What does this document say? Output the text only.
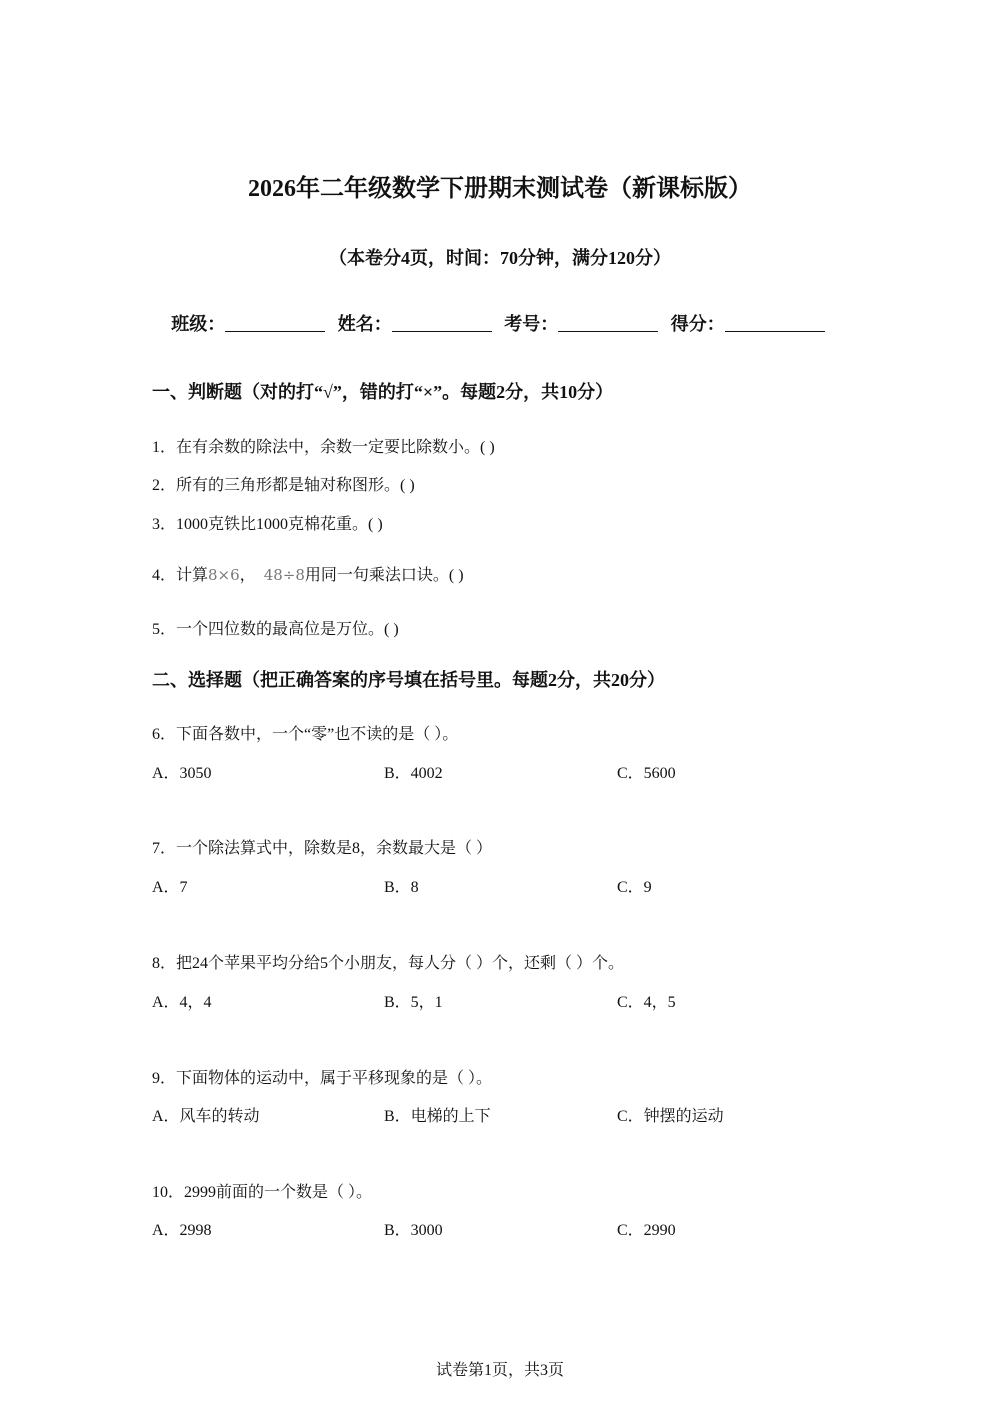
2026年二年级数学下册期末测试卷（新课标版）
（本卷分4页，时间：70分钟，满分120分）
班级：	姓名：	考号：	得分：
一、判断题（对的打“√”，错的打“×”。每题2分，共10分）
1．在有余数的除法中，余数一定要比除数小。( )
2．所有的三角形都是轴对称图形。( )
3．1000克铁比1000克棉花重。( )
4．计算8×6， 48÷8用同一句乘法口诀。( )
5．一个四位数的最高位是万位。( )
二、选择题（把正确答案的序号填在括号里。每题2分，共20分）
6．下面各数中，一个“零”也不读的是（ ）。
A．3050	B．4002	C．5600
7．一个除法算式中，除数是8，余数最大是（ ）
A．7	B．8	C．9
8．把24个苹果平均分给5个小朋友，每人分（ ）个，还剩（ ）个。
A．4，4	B．5，1	C．4，5
9．下面物体的运动中，属于平移现象的是（ ）。
A．风车的转动	B．电梯的上下	C．钟摆的运动
10．2999前面的一个数是（ ）。
A．2998	B．3000	C．2990
试卷第1页，共3页
